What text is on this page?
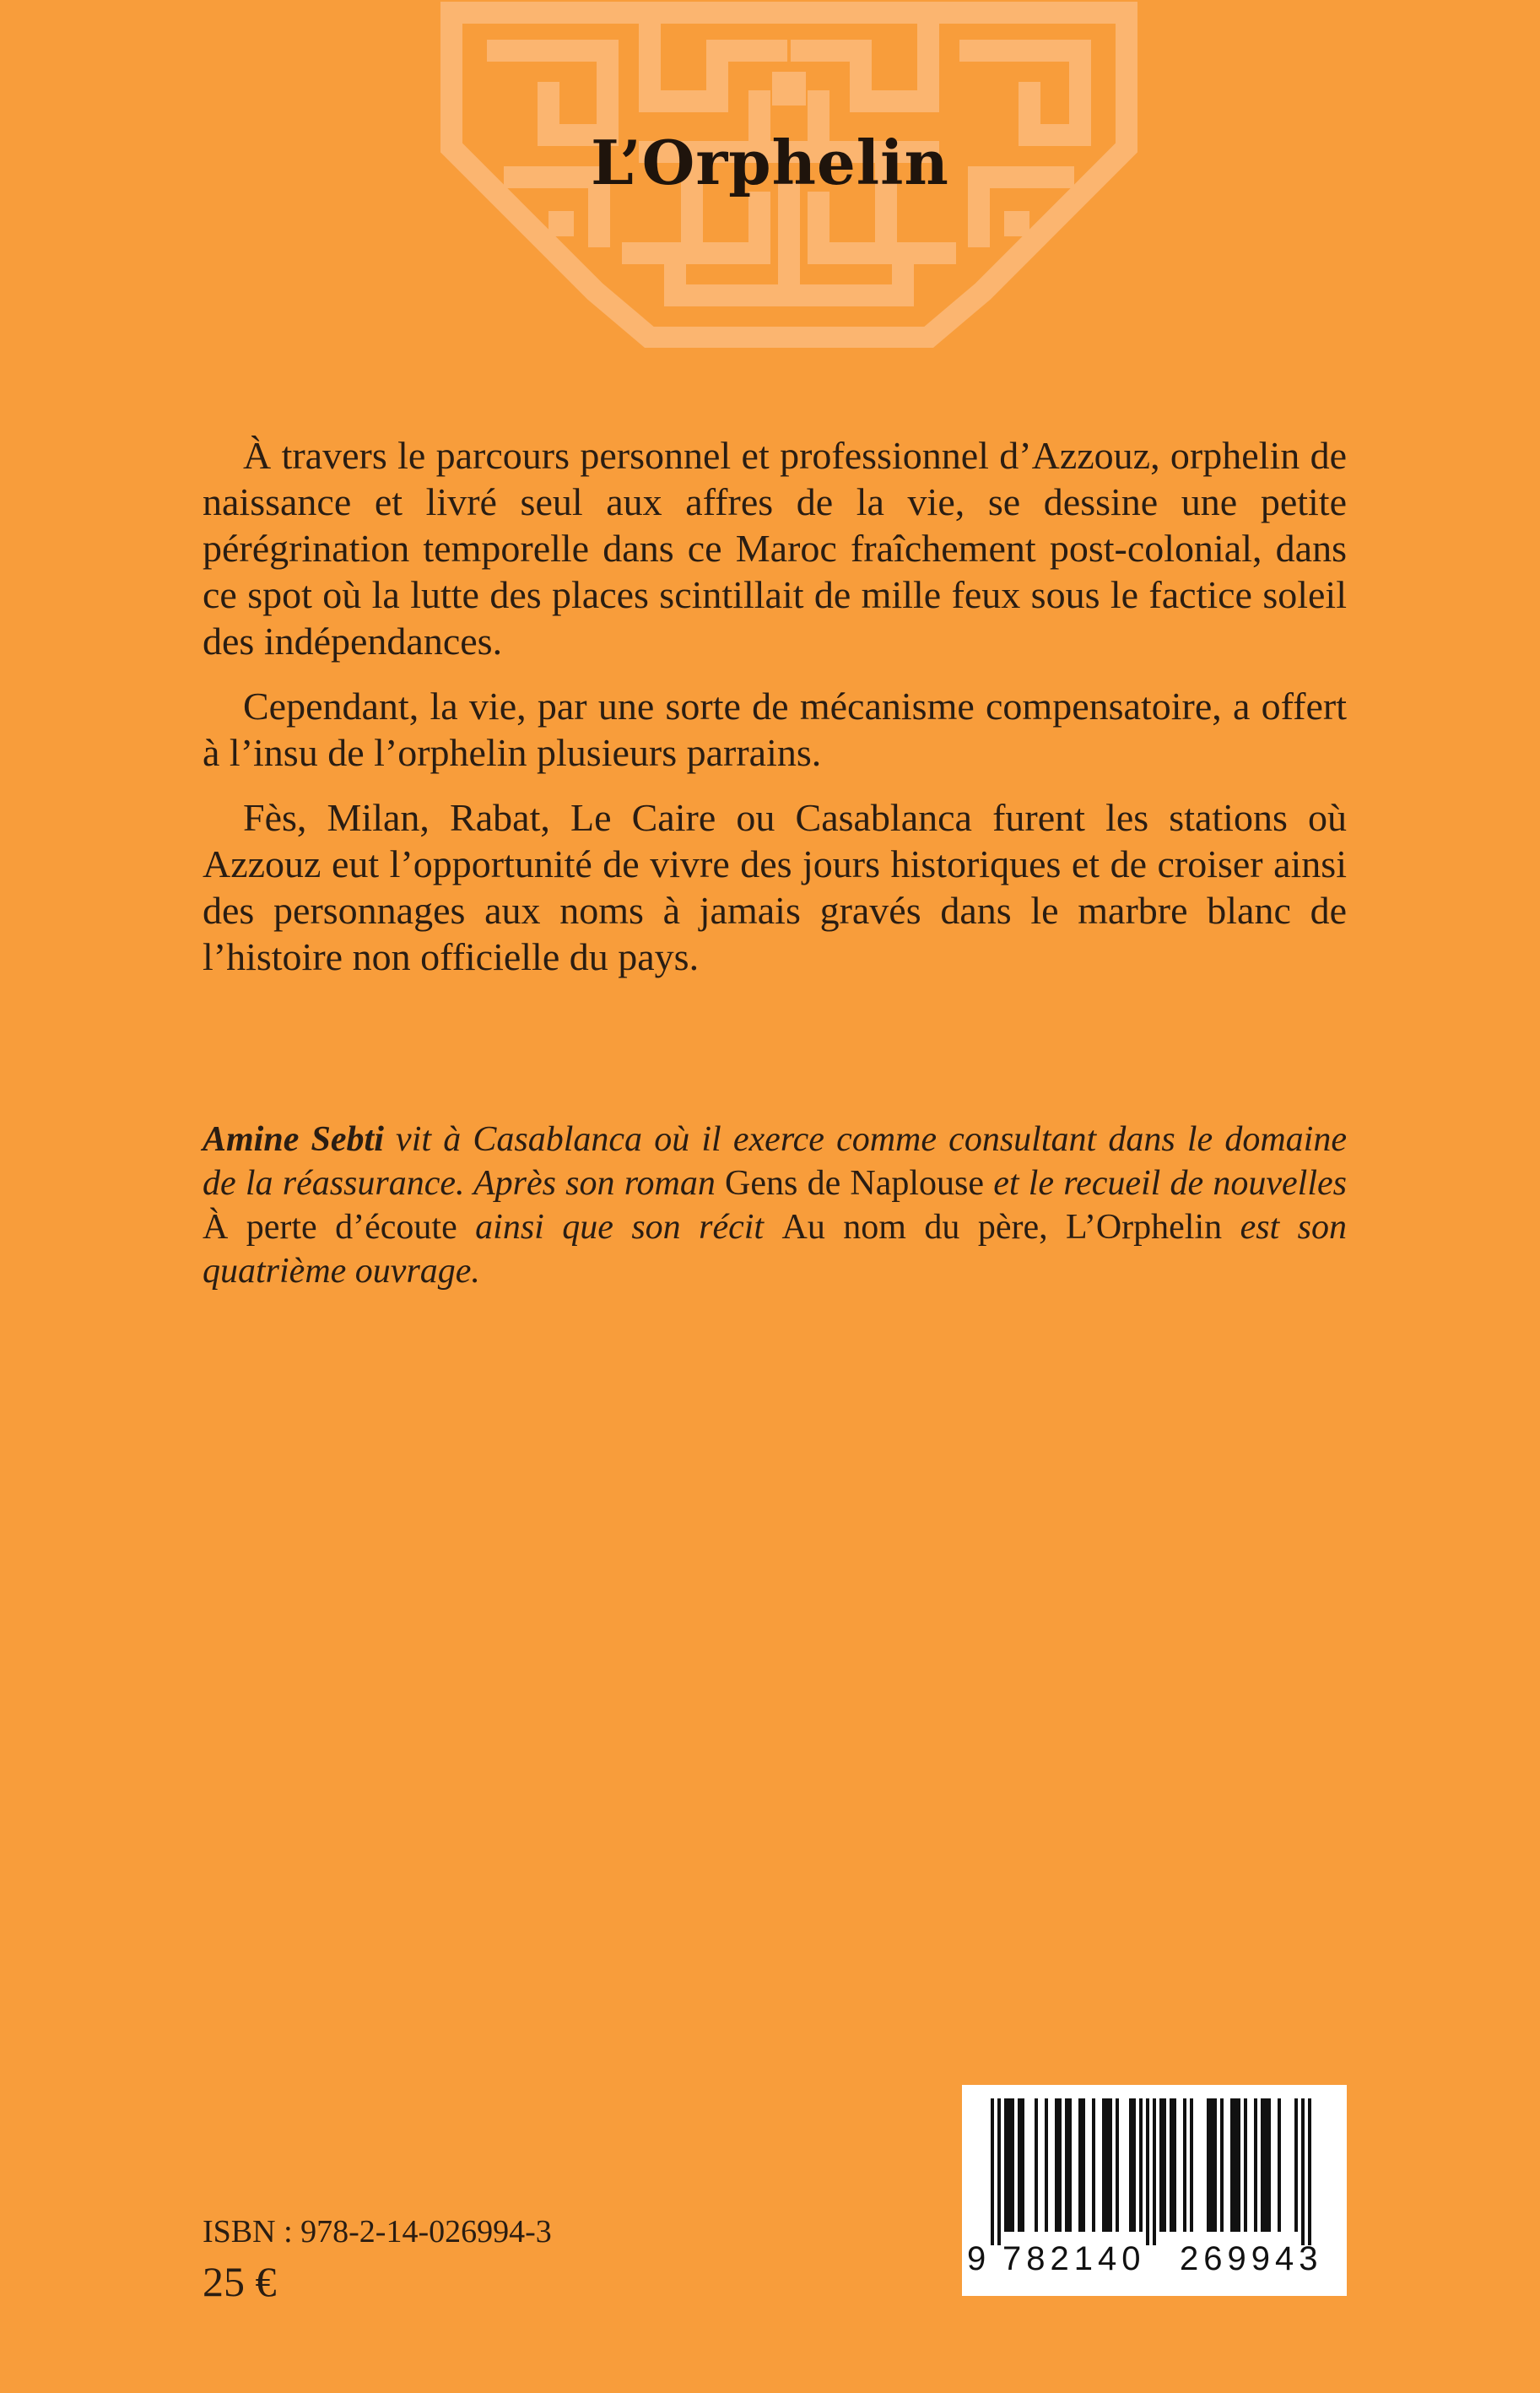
L’Orphelin

À travers le parcours personnel et professionnel d’Azzouz, orphelin de naissance et livré seul aux affres de la vie, se dessine une petite pérégrination temporelle dans ce Maroc fraîchement post-colonial, dans ce spot où la lutte des places scintillait de mille feux sous le factice soleil des indépendances.

Cependant, la vie, par une sorte de mécanisme compensatoire, a offert à l’insu de l’orphelin plusieurs parrains.

Fès, Milan, Rabat, Le Caire ou Casablanca furent les stations où Azzouz eut l’opportunité de vivre des jours historiques et de croiser ainsi des personnages aux noms à jamais gravés dans le marbre blanc de l’histoire non officielle du pays.

Amine Sebti vit à Casablanca où il exerce comme consultant dans le domaine de la réassurance. Après son roman Gens de Naplouse et le recueil de nouvelles À perte d’écoute ainsi que son récit Au nom du père, L’Orphelin est son quatrième ouvrage.

ISBN : 978-2-14-026994-3
25 €	9 782140 269943
